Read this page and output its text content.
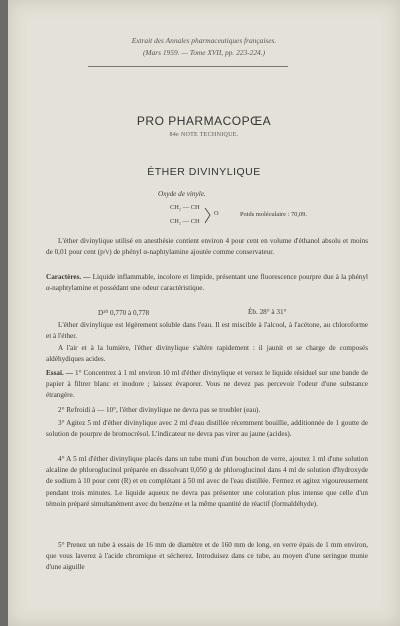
Extrait des Annales pharmaceutiques françaises.
(Mars 1959. — Tome XVII, pp. 223-224.)
PRO PHARMACOPŒA
84e NOTE TECHNIQUE.
ÉTHER DIVINYLIQUE
Oxyde de vinyle.
CH₂ — CH
CH₂ — CH
O	Poids moléculaire : 70,09.
L'éther divinylique utilisé en anesthésie contient environ 4 pour cent en volume d'éthanol absolu et moins de 0,01 pour cent (p/v) de phényl α-naphtylamine ajoutée comme conservateur.
Caractères. — Liquide inflammable, incolore et limpide, présentant une fluorescence pourpre due à la phényl α-naphtylamine et possédant une odeur caractéristique.
D²⁰ 0,770 à 0,778	Éb. 28° à 31°
L'éther divinylique est légèrement soluble dans l'eau. Il est miscible à l'alcool, à l'acétone, au chloroforme et à l'éther.
A l'air et à la lumière, l'éther divinylique s'altère rapidement : il jaunit et se charge de composés aldéhydiques acides.
Essai. — 1° Concentrez à 1 ml environ 10 ml d'éther divinylique et versez le liquide résiduel sur une bande de papier à filtrer blanc et inodore ; laissez évaporer. Vous ne devez pas percevoir l'odeur d'une substance étrangère.
2° Refroidi à — 10°, l'éther divinylique ne devra pas se troubler (eau).
3° Agitez 5 ml d'éther divinylique avec 2 ml d'eau distillée récemment bouillie, additionnée de 1 goutte de solution de pourpre de bromocrésol. L'indicateur ne devra pas virer au jaune (acides).
4° A 5 ml d'éther divinylique placés dans un tube muni d'un bouchon de verre, ajoutez 1 ml d'une solution alcaline de phloroglucinol préparée en dissolvant 0,050 g de phloroglucinol dans 4 ml de solution d'hydroxyde de sodium à 10 pour cent (R) et en complétant à 50 ml avec de l'eau distillée. Fermez et agitez vigoureusement pendant trois minutes. Le liquide aqueux ne devra pas présenter une coloration plus intense que celle d'un témoin préparé simultanément avec du benzène et la même quantité de réactif (formaldéhyde).
5° Prenez un tube à essais de 16 mm de diamètre et de 160 mm de long, en verre épais de 1 mm environ, que vous laverez à l'acide chromique et sécherez. Introduisez dans ce tube, au moyen d'une seringue munie d'une aiguille
